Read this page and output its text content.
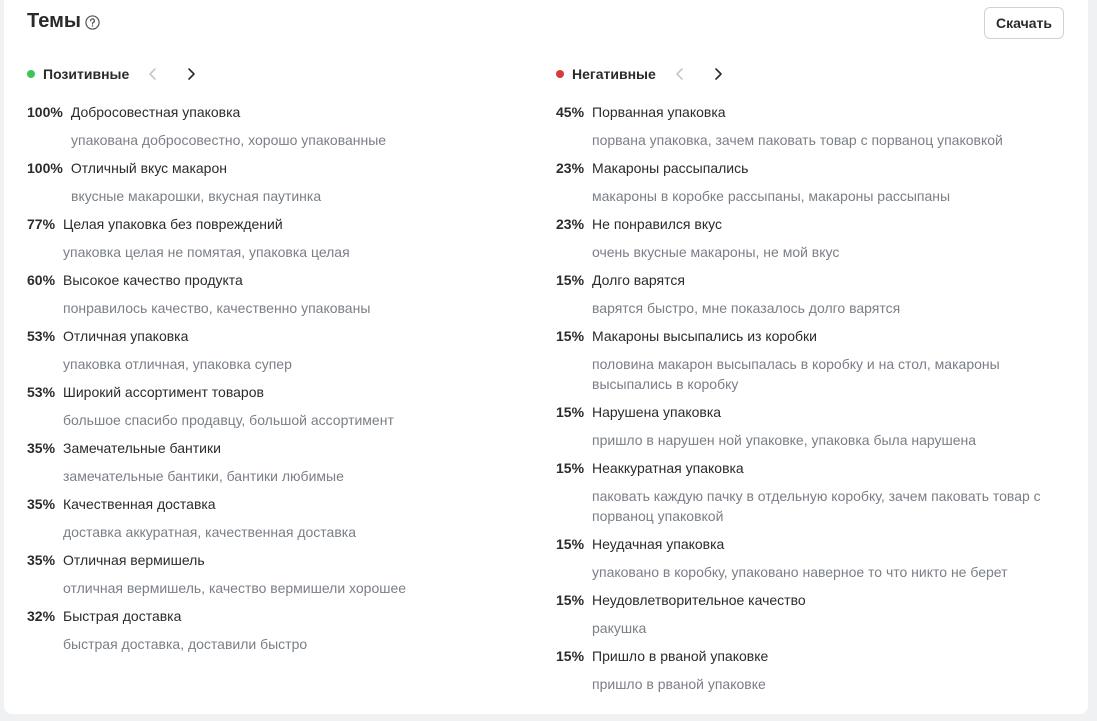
Темы	Скачать
Позитивные
100% Добросовестная упаковка
упакована добросовестно, хорошо упакованные
100% Отличный вкус макарон
вкусные макарошки, вкусная паутинка
77% Целая упаковка без повреждений
упаковка целая не помятая, упаковка целая
60% Высокое качество продукта
понравилось качество, качественно упакованы
53% Отличная упаковка
упаковка отличная, упаковка супер
53% Широкий ассортимент товаров
большое спасибо продавцу, большой ассортимент
35% Замечательные бантики
замечательные бантики, бантики любимые
35% Качественная доставка
доставка аккуратная, качественная доставка
35% Отличная вермишель
отличная вермишель, качество вермишели хорошее
32% Быстрая доставка
быстрая доставка, доставили быстро
Негативные
45% Порванная упаковка
порвана упаковка, зачем паковать товар с порваноц упаковкой
23% Макароны рассыпались
макароны в коробке рассыпаны, макароны рассыпаны
23% Не понравился вкус
очень вкусные макароны, не мой вкус
15% Долго варятся
варятся быстро, мне показалось долго варятся
15% Макароны высыпались из коробки
половина макарон высыпалась в коробку и на стол, макароны высыпались в коробку
15% Нарушена упаковка
пришло в нарушен ной упаковке, упаковка была нарушена
15% Неаккуратная упаковка
паковать каждую пачку в отдельную коробку, зачем паковать товар с порваноц упаковкой
15% Неудачная упаковка
упаковано в коробку, упаковано наверное то что никто не берет
15% Неудовлетворительное качество
ракушка
15% Пришло в рваной упаковке
пришло в рваной упаковке
